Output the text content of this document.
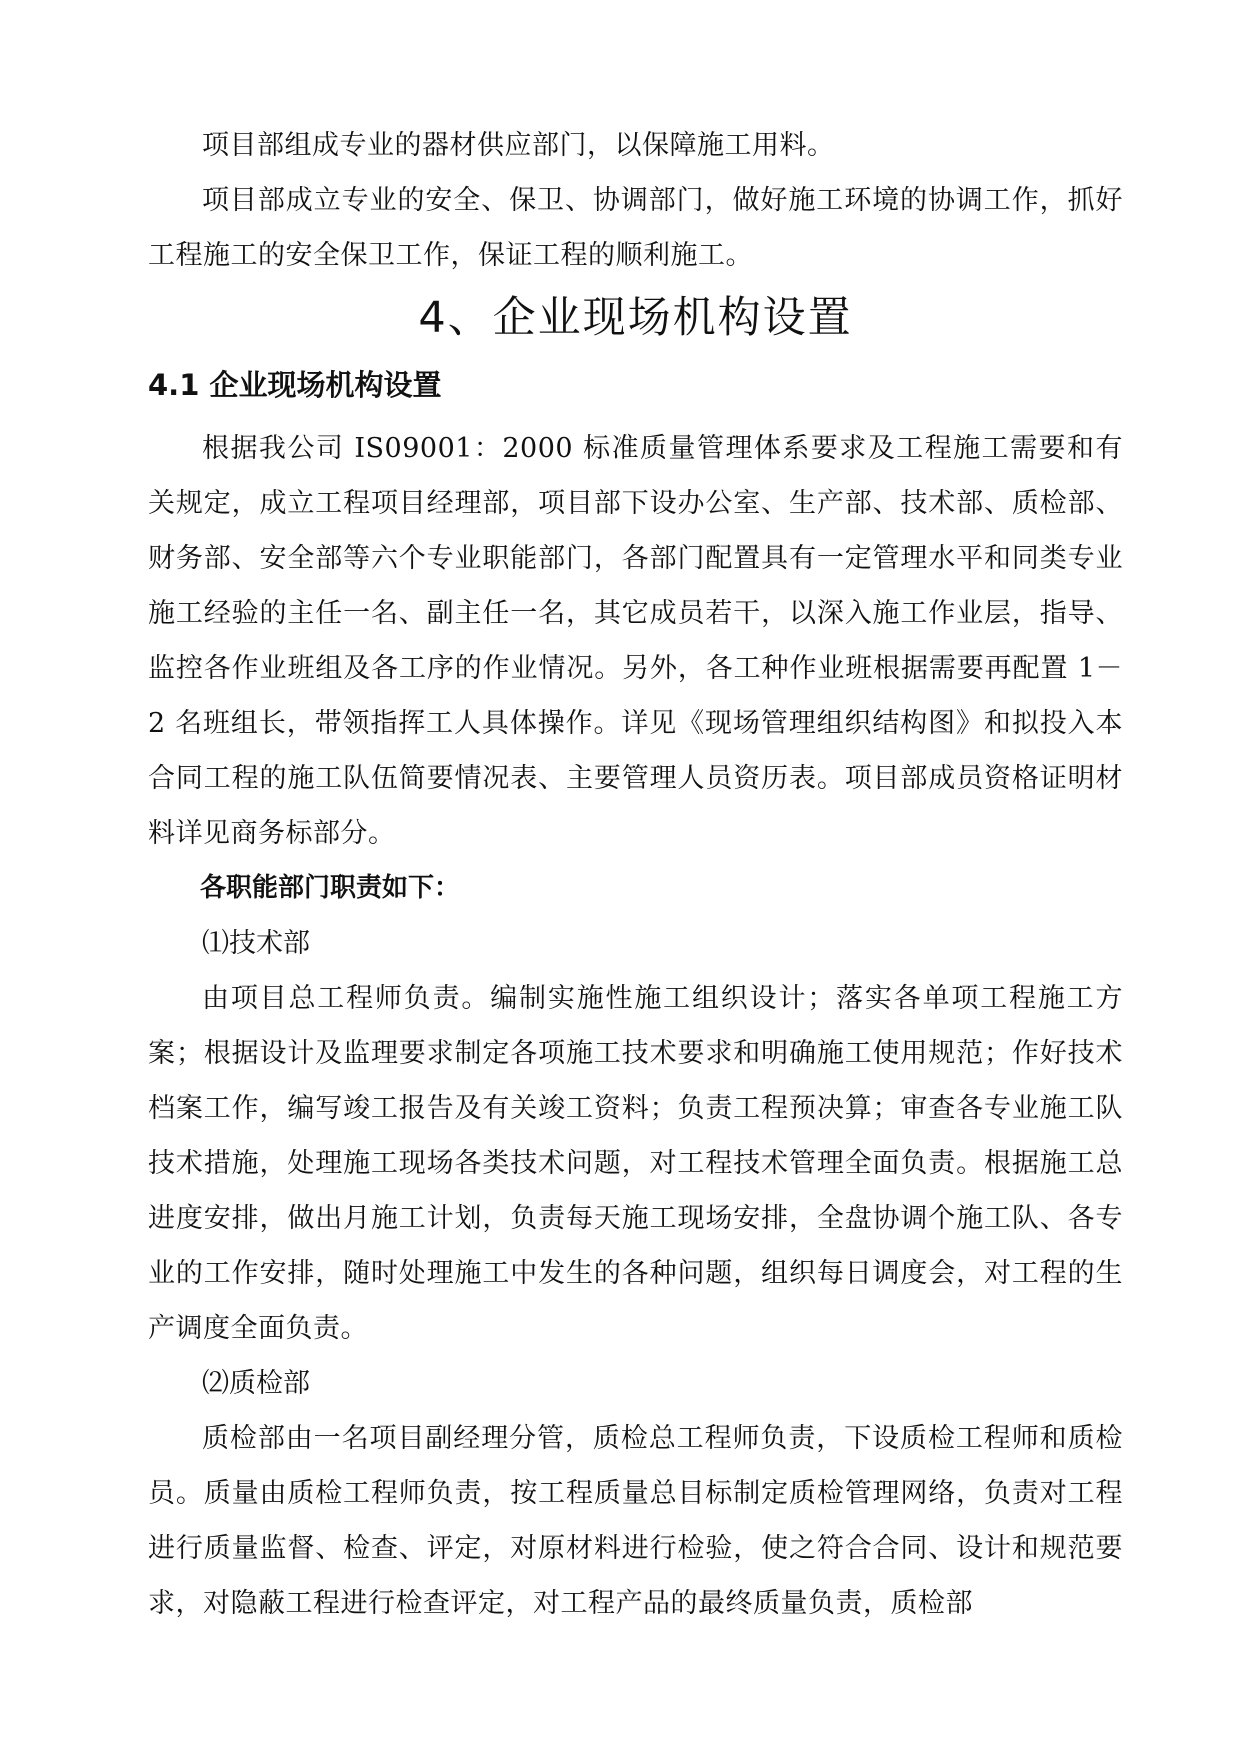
项目部组成专业的器材供应部门，以保障施工用料。

项目部成立专业的安全、保卫、协调部门，做好施工环境的协调工作，抓好工程施工的安全保卫工作，保证工程的顺利施工。

4、企业现场机构设置
4.1 企业现场机构设置

根据我公司 IS09001：2000 标准质量管理体系要求及工程施工需要和有关规定，成立工程项目经理部，项目部下设办公室、生产部、技术部、质检部、财务部、安全部等六个专业职能部门，各部门配置具有一定管理水平和同类专业施工经验的主任一名、副主任一名，其它成员若干，以深入施工作业层，指导、监控各作业班组及各工序的作业情况。另外，各工种作业班根据需要再配置 1－2 名班组长，带领指挥工人具体操作。详见《现场管理组织结构图》和拟投入本合同工程的施工队伍简要情况表、主要管理人员资历表。项目部成员资格证明材料详见商务标部分。

各职能部门职责如下：

⑴技术部

由项目总工程师负责。编制实施性施工组织设计；落实各单项工程施工方案；根据设计及监理要求制定各项施工技术要求和明确施工使用规范；作好技术档案工作，编写竣工报告及有关竣工资料；负责工程预决算；审查各专业施工队技术措施，处理施工现场各类技术问题，对工程技术管理全面负责。根据施工总进度安排，做出月施工计划，负责每天施工现场安排，全盘协调个施工队、各专业的工作安排，随时处理施工中发生的各种问题，组织每日调度会，对工程的生产调度全面负责。

⑵质检部

质检部由一名项目副经理分管，质检总工程师负责，下设质检工程师和质检员。质量由质检工程师负责，按工程质量总目标制定质检管理网络，负责对工程进行质量监督、检查、评定，对原材料进行检验，使之符合合同、设计和规范要求，对隐蔽工程进行检查评定，对工程产品的最终质量负责，质检部
